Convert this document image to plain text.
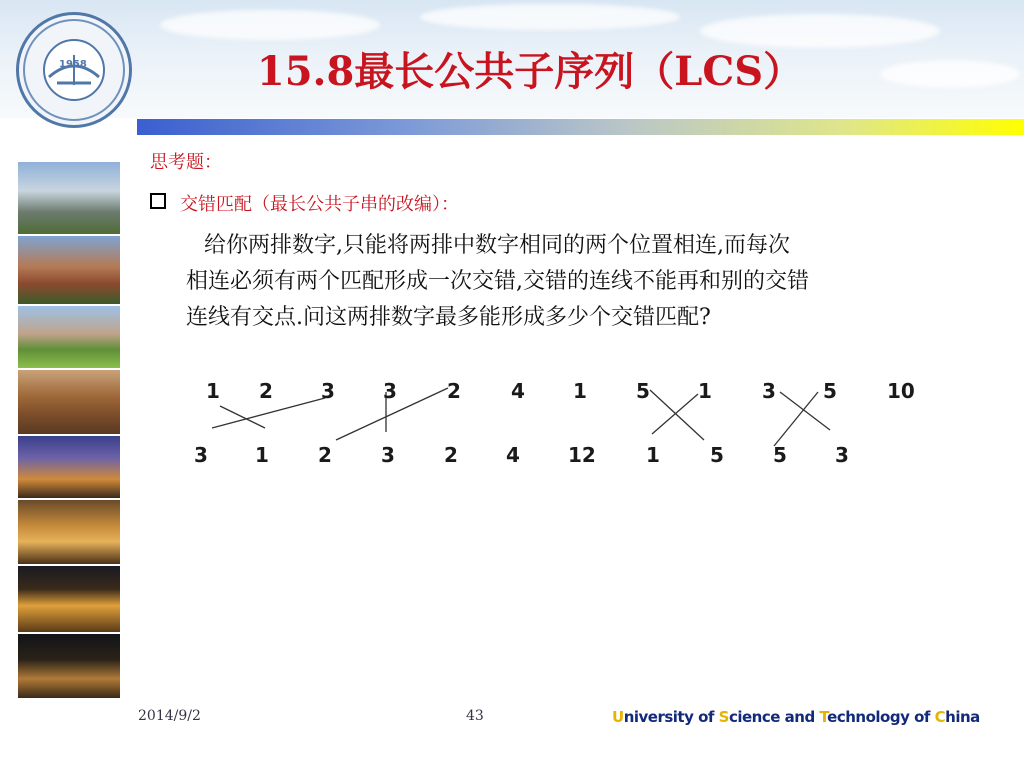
1958	15.8最长公共子序列（LCS）
思考题：
交错匹配（最长公共子串的改编）：
给你两排数字,只能将两排中数字相同的两个位置相连,而每次
相连必须有两个匹配形成一次交错,交错的连线不能再和别的交错
连线有交点.问这两排数字最多能形成多少个交错匹配?
1 2 3 3	2	4 1 5 1	3 5	10
3 1 2 3 2 4 12	1	5 5 3
2014/9/2	43	University of Science and Technology of China
